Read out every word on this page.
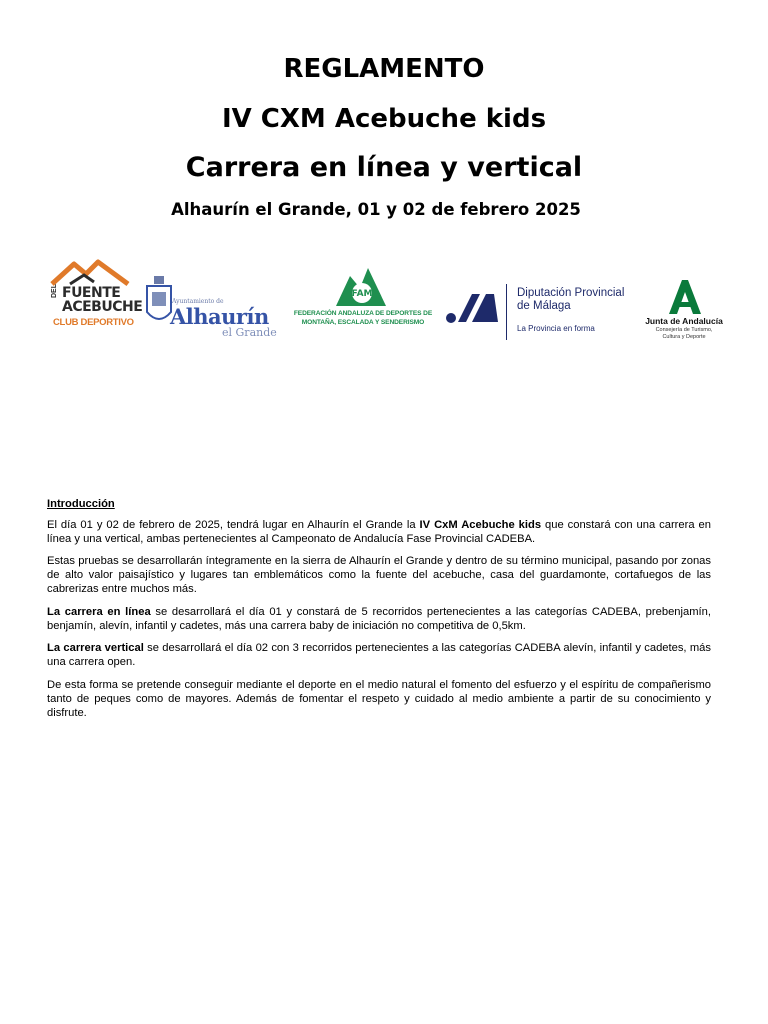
REGLAMENTO
IV CXM Acebuche kids
Carrera en línea y vertical
Alhaurín el Grande, 01 y 02 de febrero 2025
FUENTE
ACEBUCHE
DEL
CLUB DEPORTIVO
Ayuntamiento de
Alhaurín
el Grande
FAM
FEDERACIÓN ANDALUZA DE DEPORTES DE
MONTAÑA, ESCALADA Y SENDERISMO
Diputación Provincial
de Málaga
La Provincia en forma
Junta de Andalucía
Consejería de Turismo,
Cultura y Deporte
Introducción

El día 01 y 02 de febrero de 2025, tendrá lugar en Alhaurín el Grande la IV CxM Acebuche kids que constará con una carrera en línea y una vertical, ambas pertenecientes al Campeonato de Andalucía Fase Provincial CADEBA.

Estas pruebas se desarrollarán íntegramente en la sierra de Alhaurín el Grande y dentro de su término municipal, pasando por zonas de alto valor paisajístico y lugares tan emblemáticos como la fuente del acebuche, casa del guardamonte, cortafuegos de las cabrerizas entre muchos más.

La carrera en línea se desarrollará el día 01 y constará de 5 recorridos pertenecientes a las categorías CADEBA, prebenjamín, benjamín, alevín, infantil y cadetes, más una carrera baby de iniciación no competitiva de 0,5km.

La carrera vertical se desarrollará el día 02 con 3 recorridos pertenecientes a las categorías CADEBA alevín, infantil y cadetes, más una carrera open.

De esta forma se pretende conseguir mediante el deporte en el medio natural el fomento del esfuerzo y el espíritu de compañerismo tanto de peques como de mayores. Además de fomentar el respeto y cuidado al medio ambiente a partir de su conocimiento y disfrute.
